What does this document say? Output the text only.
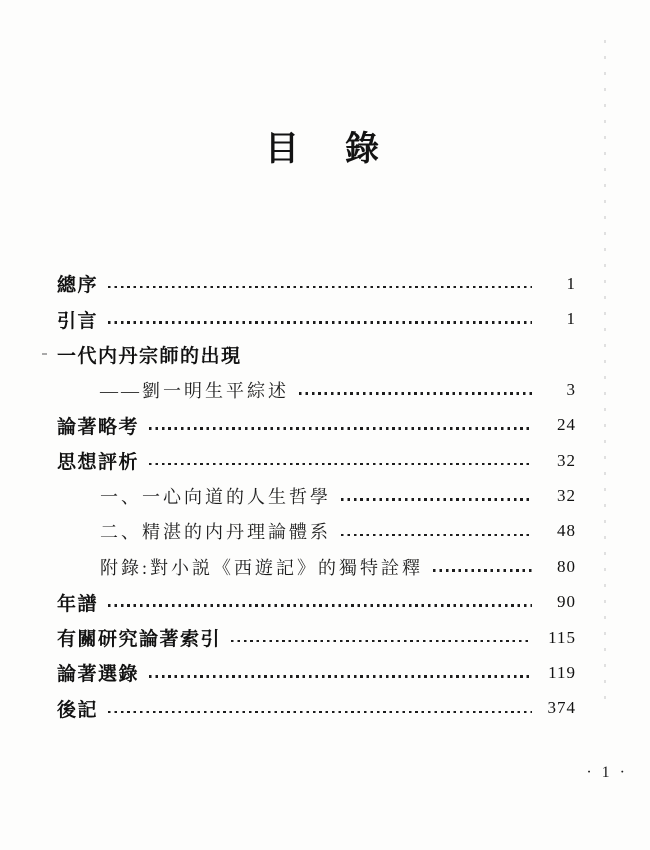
目　錄
總序	1
引言	1
一代内丹宗師的出現
——劉一明生平綜述	3
論著略考	24
思想評析	32
一、一心向道的人生哲學	32
二、精湛的内丹理論體系	48
附錄:對小説《西遊記》的獨特詮釋	80
年譜	90
有關研究論著索引	115
論著選錄	119
後記	374
· 1 ·
